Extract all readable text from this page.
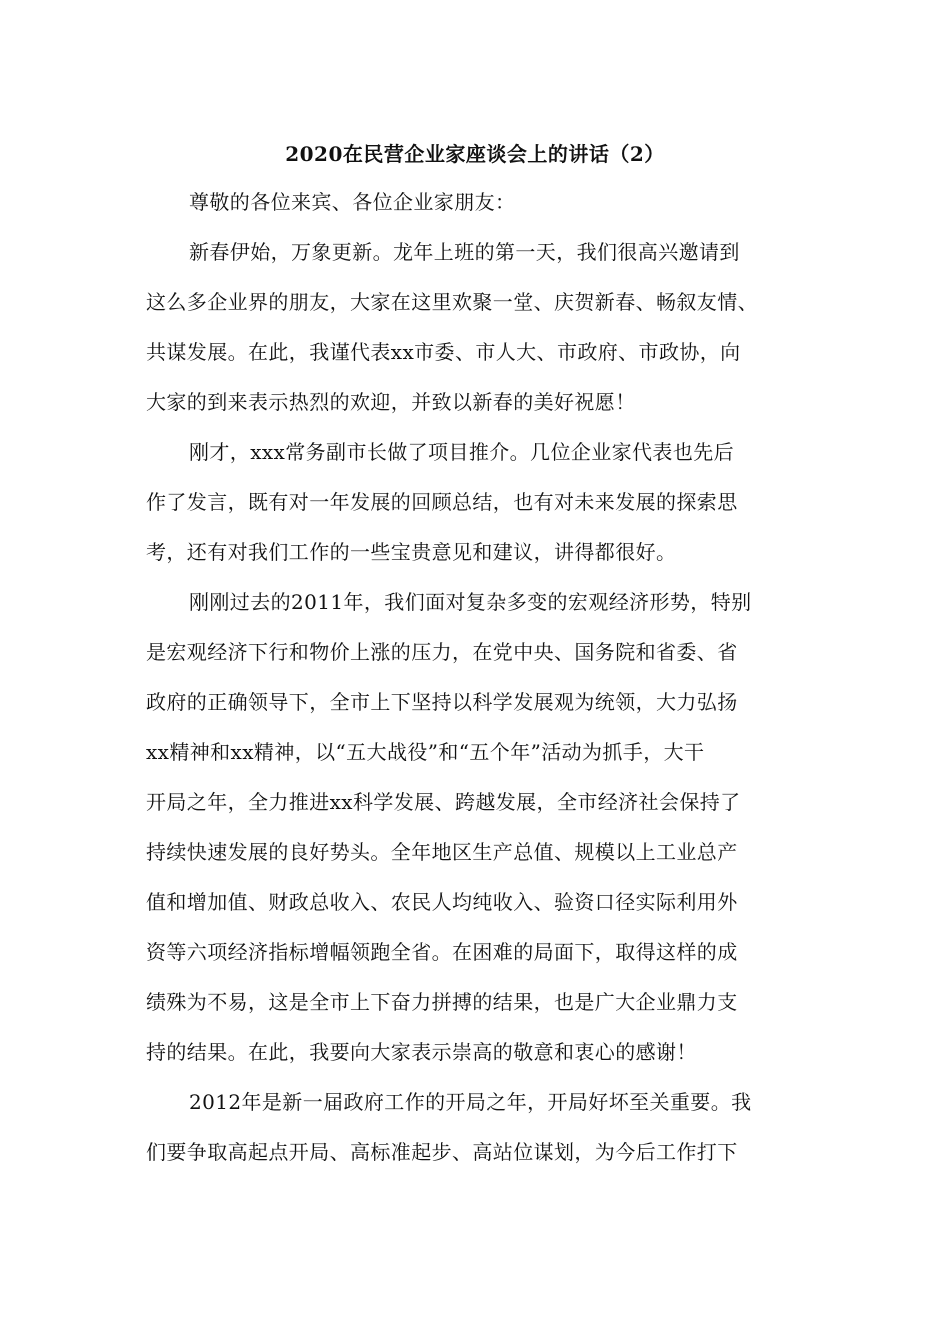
2020在民营企业家座谈会上的讲话（2）
尊敬的各位来宾、各位企业家朋友：
新春伊始，万象更新。龙年上班的第一天，我们很高兴邀请到
这么多企业界的朋友，大家在这里欢聚一堂、庆贺新春、畅叙友情、
共谋发展。在此，我谨代表xx市委、市人大、市政府、市政协，向
大家的到来表示热烈的欢迎，并致以新春的美好祝愿！
刚才，xxx常务副市长做了项目推介。几位企业家代表也先后
作了发言，既有对一年发展的回顾总结，也有对未来发展的探索思
考，还有对我们工作的一些宝贵意见和建议，讲得都很好。
刚刚过去的2011年，我们面对复杂多变的宏观经济形势，特别
是宏观经济下行和物价上涨的压力，在党中央、国务院和省委、省
政府的正确领导下，全市上下坚持以科学发展观为统领，大力弘扬
xx精神和xx精神，以“五大战役”和“五个年”活动为抓手，大干
开局之年，全力推进xx科学发展、跨越发展，全市经济社会保持了
持续快速发展的良好势头。全年地区生产总值、规模以上工业总产
值和增加值、财政总收入、农民人均纯收入、验资口径实际利用外
资等六项经济指标增幅领跑全省。在困难的局面下，取得这样的成
绩殊为不易，这是全市上下奋力拼搏的结果，也是广大企业鼎力支
持的结果。在此，我要向大家表示崇高的敬意和衷心的感谢！
2012年是新一届政府工作的开局之年，开局好坏至关重要。我
们要争取高起点开局、高标准起步、高站位谋划，为今后工作打下
